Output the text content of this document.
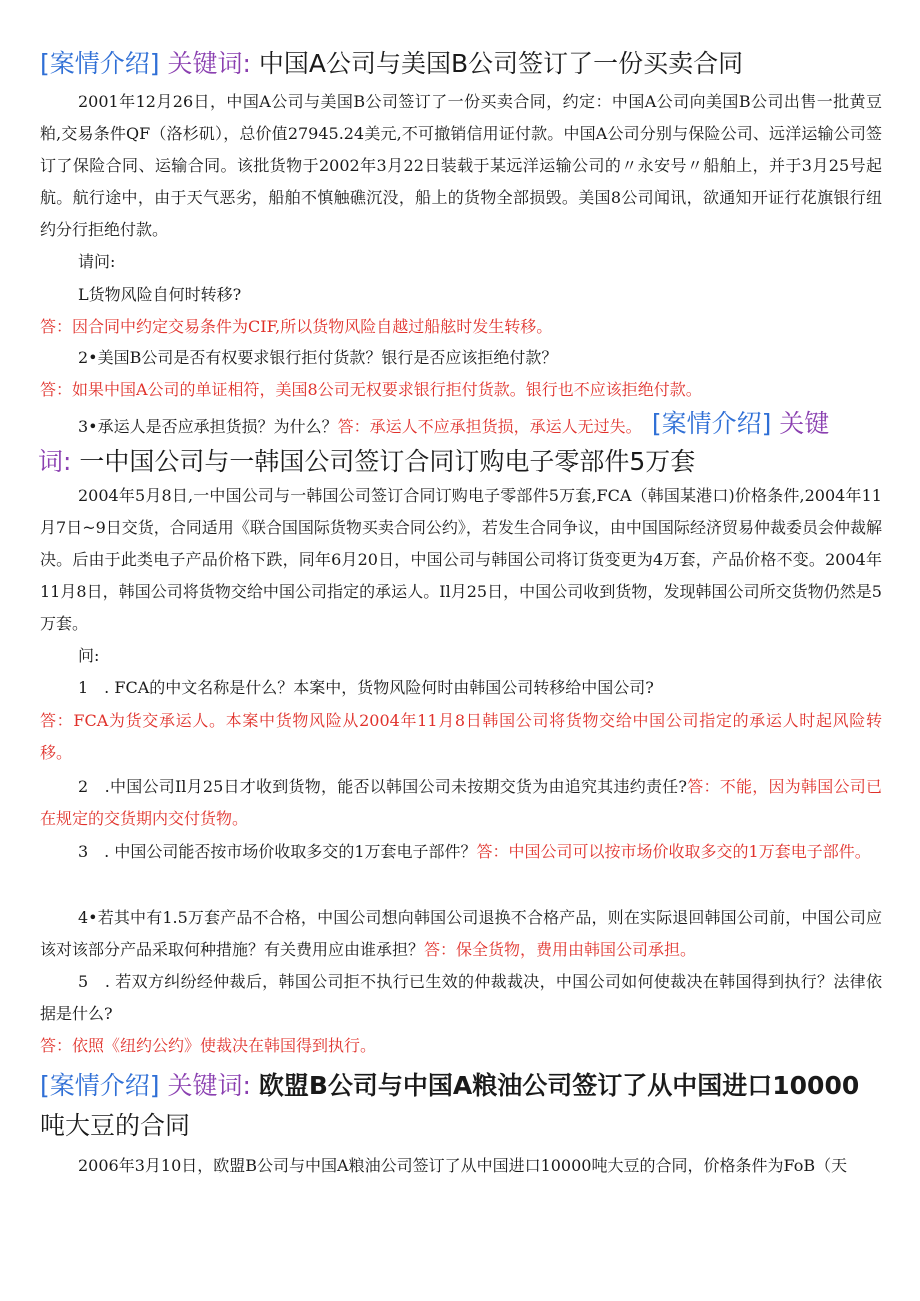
[案情介绍] 关键词: 中国A公司与美国B公司签订了一份买卖合同
2001年12月26日，中国A公司与美国B公司签订了一份买卖合同，约定：中国A公司向美国B公司出售一批黄豆粕,交易条件QF（洛杉矶），总价值27945.24美元,不可撤销信用证付款。中国A公司分别与保险公司、远洋运输公司签订了保险合同、运输合同。该批货物于2002年3月22日装载于某远洋运输公司的〃永安号〃船舶上，并于3月25号起航。航行途中，由于天气恶劣，船舶不慎触礁沉没，船上的货物全部损毁。美国8公司闻讯，欲通知开证行花旗银行纽约分行拒绝付款。
请问:
L货物风险自何时转移?
答：因合同中约定交易条件为CIF,所以货物风险自越过船舷时发生转移。
2•美国B公司是否有权要求银行拒付货款？银行是否应该拒绝付款？
答：如果中国A公司的单证相符，美国8公司无权要求银行拒付货款。银行也不应该拒绝付款。
3•承运人是否应承担货损？为什么？答：承运人不应承担货损，承运人无过失。 [案情介绍] 关键
词: 一中国公司与一韩国公司签订合同订购电子零部件5万套
2004年5月8日,一中国公司与一韩国公司签订合同订购电子零部件5万套,FCA（韩国某港口)价格条件,2004年11月7日~9日交货，合同适用《联合国国际货物买卖合同公约》，若发生合同争议，由中国国际经济贸易仲裁委员会仲裁解决。后由于此类电子产品价格下跌，同年6月20日，中国公司与韩国公司将订货变更为4万套，产品价格不变。2004年11月8日，韩国公司将货物交给中国公司指定的承运人。Il月25日，中国公司收到货物，发现韩国公司所交货物仍然是5万套。
问:
1　. FCA的中文名称是什么？本案中，货物风险何时由韩国公司转移给中国公司?
答：FCA为货交承运人。本案中货物风险从2004年11月8日韩国公司将货物交给中国公司指定的承运人时起风险转移。
2　.中国公司Il月25日才收到货物，能否以韩国公司未按期交货为由追究其违约责任?答：不能，因为韩国公司已在规定的交货期内交付货物。
3　. 中国公司能否按市场价收取多交的1万套电子部件？答：中国公司可以按市场价收取多交的1万套电子部件。
4•若其中有1.5万套产品不合格，中国公司想向韩国公司退换不合格产品，则在实际退回韩国公司前，中国公司应该对该部分产品采取何种措施？有关费用应由谁承担？答：保全货物，费用由韩国公司承担。
5　. 若双方纠纷经仲裁后，韩国公司拒不执行已生效的仲裁裁决，中国公司如何使裁决在韩国得到执行？法律依据是什么?
答：依照《纽约公约》使裁决在韩国得到执行。
[案情介绍] 关键词: 欧盟B公司与中国A粮油公司签订了从中国进口10000
吨大豆的合同
2006年3月10日，欧盟B公司与中国A粮油公司签订了从中国进口10000吨大豆的合同，价格条件为FoB（天
